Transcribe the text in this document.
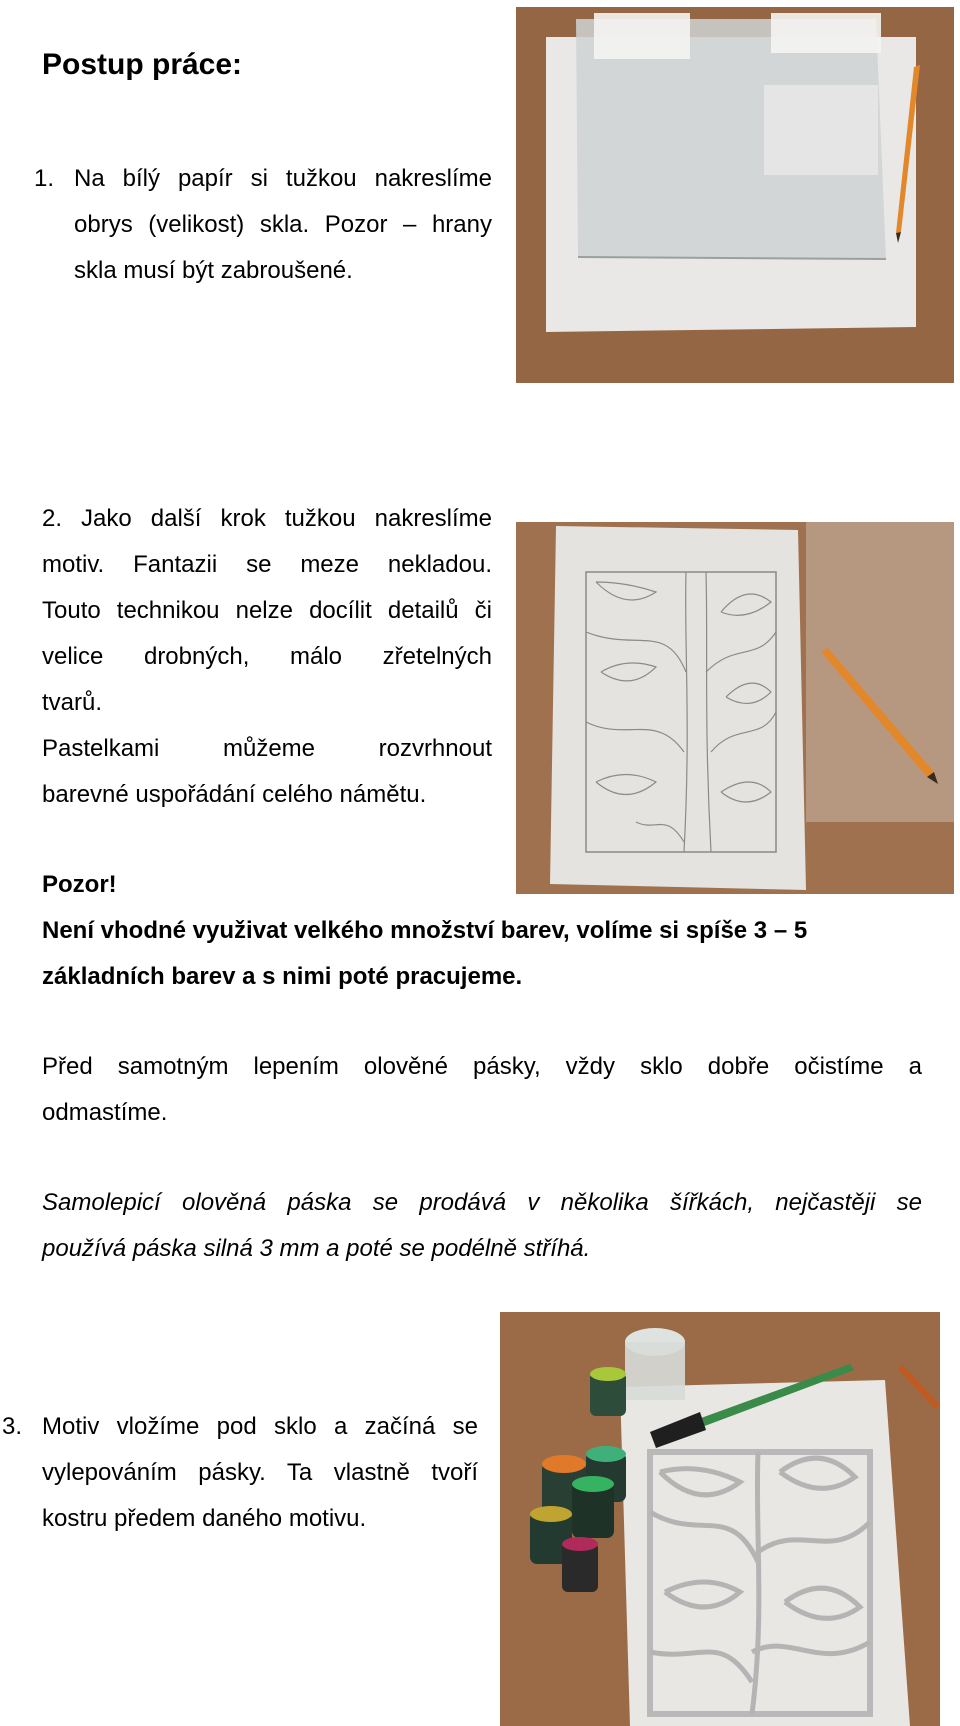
Postup práce:
1. Na bílý papír si tužkou nakreslíme
obrys (velikost) skla. Pozor – hrany
skla musí být zabroušené.
2. Jako další krok tužkou nakreslíme
motiv. Fantazii se meze nekladou.
Touto technikou nelze docílit detailů či
velice drobných, málo zřetelných
tvarů.
Pastelkami můžeme rozvrhnout
barevné uspořádání celého námětu.
Pozor!
Není vhodné využivat velkého množství barev, volíme si spíše 3 – 5
základních barev a s nimi poté pracujeme.
Před samotným lepením olověné pásky, vždy sklo dobře očistíme a
odmastíme.
Samolepicí olověná páska se prodává v několika šířkách, nejčastěji se
používá páska silná 3 mm a poté se podélně stříhá.
3. Motiv vložíme pod sklo a začíná se
vylepováním pásky. Ta vlastně tvoří
kostru předem daného motivu.
